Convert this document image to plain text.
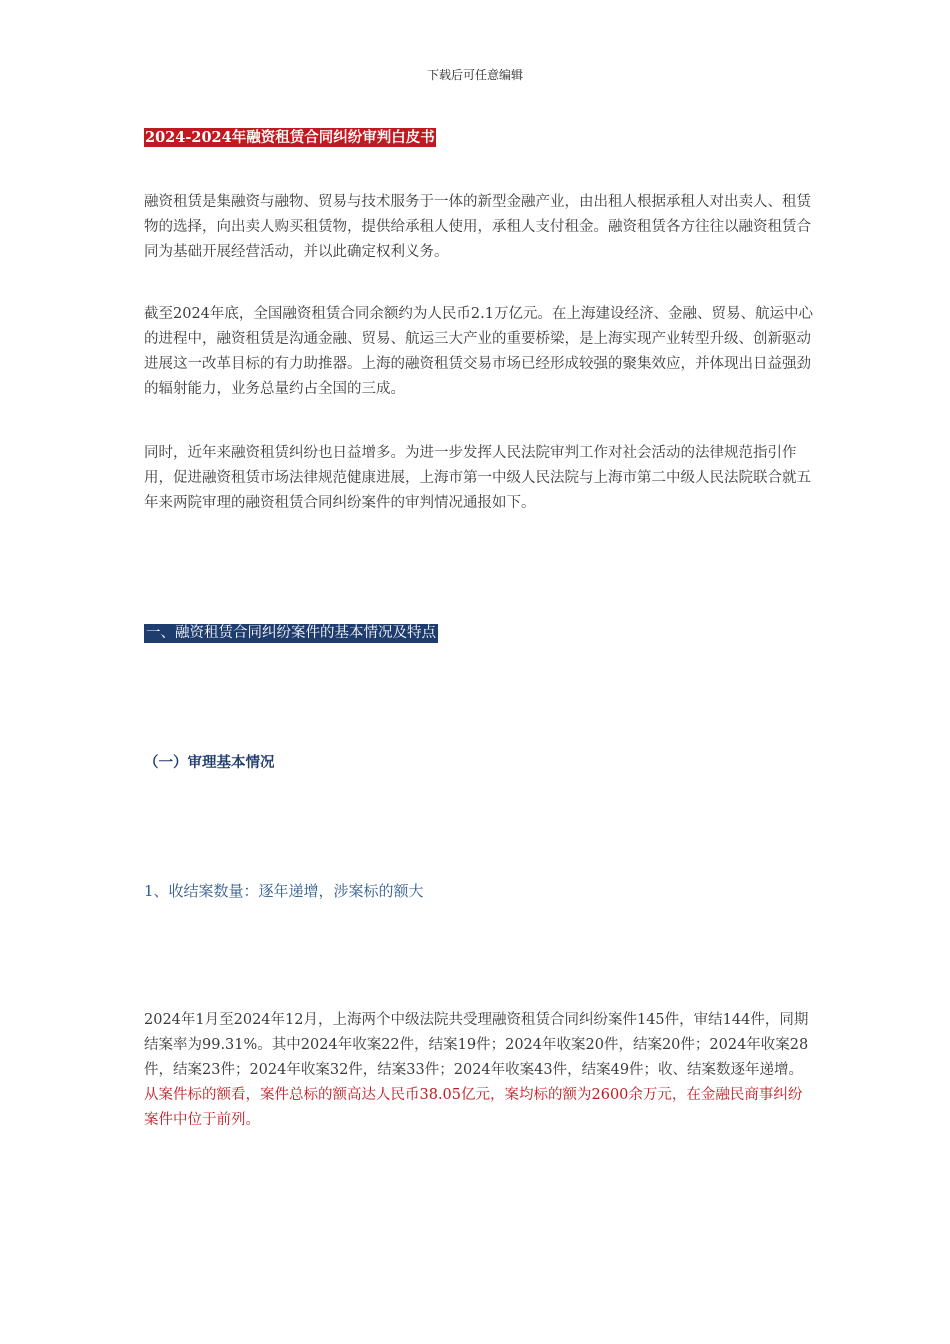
下载后可任意编辑
2024-2024年融资租赁合同纠纷审判白皮书

融资租赁是集融资与融物、贸易与技术服务于一体的新型金融产业，由出租人根据承租人对出卖人、租赁物的选择，向出卖人购买租赁物，提供给承租人使用，承租人支付租金。融资租赁各方往往以融资租赁合同为基础开展经营活动，并以此确定权利义务。

截至2024年底，全国融资租赁合同余额约为人民币2.1万亿元。在上海建设经济、金融、贸易、航运中心的进程中，融资租赁是沟通金融、贸易、航运三大产业的重要桥梁，是上海实现产业转型升级、创新驱动进展这一改革目标的有力助推器。上海的融资租赁交易市场已经形成较强的聚集效应，并体现出日益强劲的辐射能力，业务总量约占全国的三成。

同时，近年来融资租赁纠纷也日益增多。为进一步发挥人民法院审判工作对社会活动的法律规范指引作用，促进融资租赁市场法律规范健康进展，上海市第一中级人民法院与上海市第二中级人民法院联合就五年来两院审理的融资租赁合同纠纷案件的审判情况通报如下。

一、融资租赁合同纠纷案件的基本情况及特点
（一）审理基本情况
1、收结案数量：逐年递增，涉案标的额大

2024年1月至2024年12月，上海两个中级法院共受理融资租赁合同纠纷案件145件，审结144件，同期结案率为99.31%。其中2024年收案22件，结案19件；2024年收案20件，结案20件；2024年收案28件，结案23件；2024年收案32件，结案33件；2024年收案43件，结案49件；收、结案数逐年递增。从案件标的额看，案件总标的额高达人民币38.05亿元，案均标的额为2600余万元，在金融民商事纠纷案件中位于前列。
